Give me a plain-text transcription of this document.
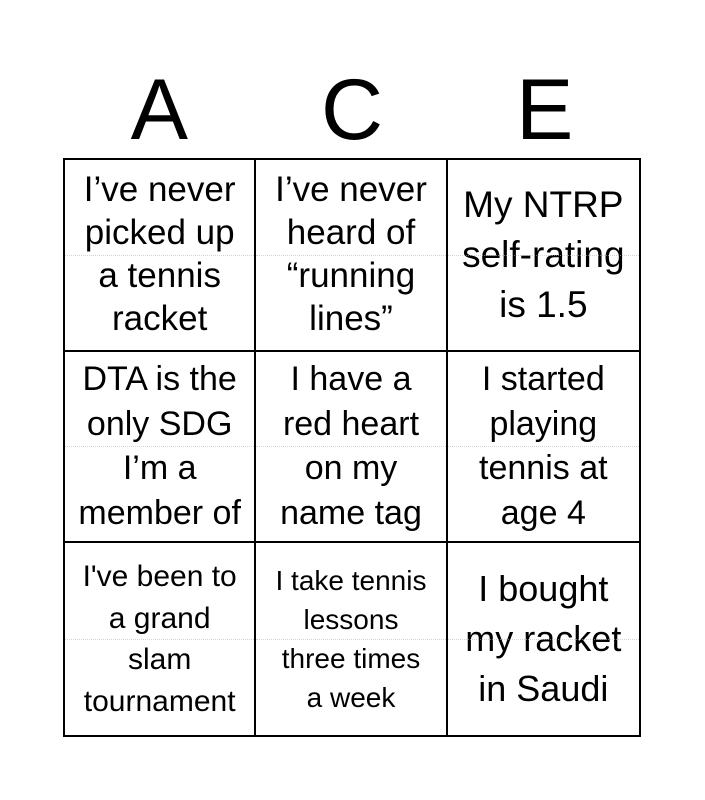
A	C	E
I’ve never
picked up
a tennis
racket
I’ve never
heard of
“running
lines”
My NTRP
self-rating
is 1.5
DTA is the
only SDG
I’m a
member of
I have a
red heart
on my
name tag
I started
playing
tennis at
age 4
I've been to
a grand
slam
tournament
I take tennis
lessons
three times
a week
I bought
my racket
in Saudi
